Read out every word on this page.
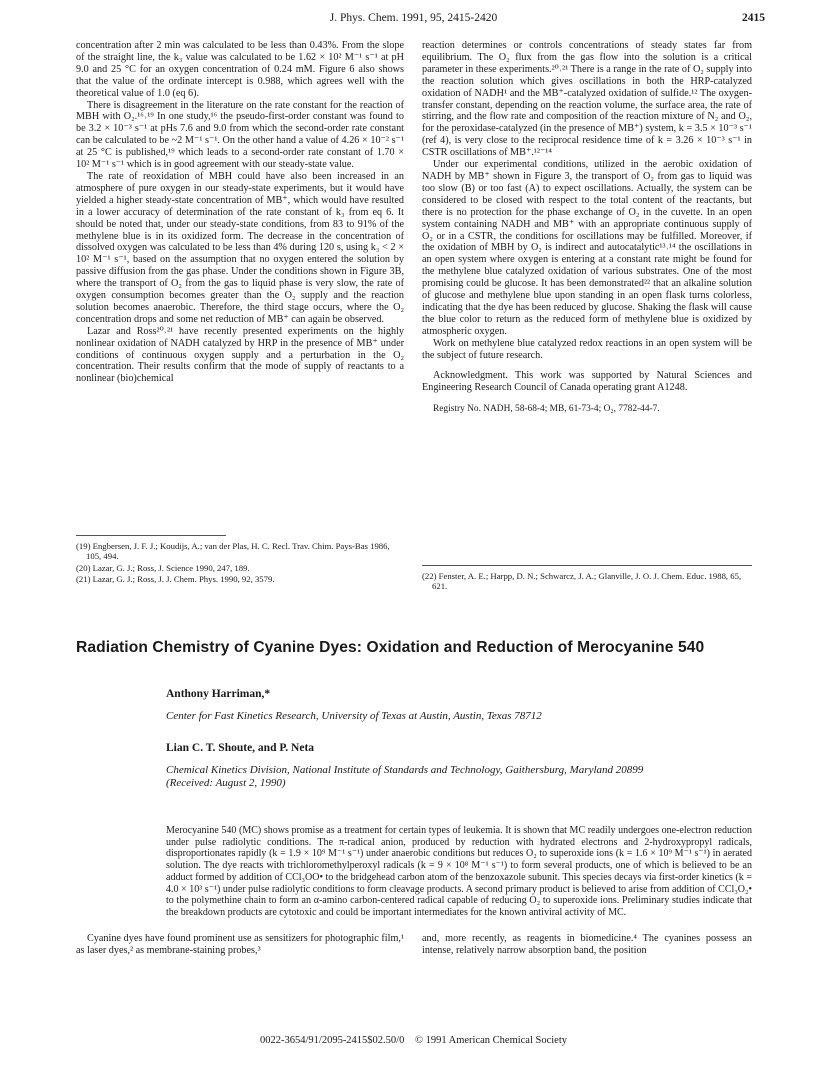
J. Phys. Chem. 1991, 95, 2415-2420	2415

concentration after 2 min was calculated to be less than 0.43%. From the slope of the straight line, the k₃ value was calculated to be 1.62 × 10² M⁻¹ s⁻¹ at pH 9.0 and 25 °C for an oxygen concentration of 0.24 mM. Figure 6 also shows that the value of the ordinate intercept is 0.988, which agrees well with the theoretical value of 1.0 (eq 6).

There is disagreement in the literature on the rate constant for the reaction of MBH with O₂.¹⁶˒¹⁹ In one study,¹⁶ the pseudo-first-order constant was found to be 3.2 × 10⁻³ s⁻¹ at pHs 7.6 and 9.0 from which the second-order rate constant can be calculated to be ~2 M⁻¹ s⁻¹. On the other hand a value of 4.26 × 10⁻² s⁻¹ at 25 °C is published,¹⁹ which leads to a second-order rate constant of 1.70 × 10² M⁻¹ s⁻¹ which is in good agreement with our steady-state value.

The rate of reoxidation of MBH could have also been increased in an atmosphere of pure oxygen in our steady-state experiments, but it would have yielded a higher steady-state concentration of MB⁺, which would have resulted in a lower accuracy of determination of the rate constant of k₃ from eq 6. It should be noted that, under our steady-state conditions, from 83 to 91% of the methylene blue is in its oxidized form. The decrease in the concentration of dissolved oxygen was calculated to be less than 4% during 120 s, using k₃ < 2 × 10² M⁻¹ s⁻¹, based on the assumption that no oxygen entered the solution by passive diffusion from the gas phase. Under the conditions shown in Figure 3B, where the transport of O₂ from the gas to liquid phase is very slow, the rate of oxygen consumption becomes greater than the O₂ supply and the reaction solution becomes anaerobic. Therefore, the third stage occurs, where the O₂ concentration drops and some net reduction of MB⁺ can again be observed.

Lazar and Ross²⁰˒²¹ have recently presented experiments on the highly nonlinear oxidation of NADH catalyzed by HRP in the presence of MB⁺ under conditions of continuous oxygen supply and a perturbation in the O₂ concentration. Their results confirm that the mode of supply of reactants to a nonlinear (bio)chemical

reaction determines or controls concentrations of steady states far from equilibrium. The O₂ flux from the gas flow into the solution is a critical parameter in these experiments.²⁰˒²¹ There is a range in the rate of O₂ supply into the reaction solution which gives oscillations in both the HRP-catalyzed oxidation of NADH¹ and the MB⁺-catalyzed oxidation of sulfide.¹² The oxygen-transfer constant, depending on the reaction volume, the surface area, the rate of stirring, and the flow rate and composition of the reaction mixture of N₂ and O₂, for the peroxidase-catalyzed (in the presence of MB⁺) system, k = 3.5 × 10⁻³ s⁻¹ (ref 4), is very close to the reciprocal residence time of k = 3.26 × 10⁻³ s⁻¹ in CSTR oscillations of MB⁺.¹²⁻¹⁴

Under our experimental conditions, utilized in the aerobic oxidation of NADH by MB⁺ shown in Figure 3, the transport of O₂ from gas to liquid was too slow (B) or too fast (A) to expect oscillations. Actually, the system can be considered to be closed with respect to the total content of the reactants, but there is no protection for the phase exchange of O₂ in the cuvette. In an open system containing NADH and MB⁺ with an appropriate continuous supply of O₂ or in a CSTR, the conditions for oscillations may be fulfilled. Moreover, if the oxidation of MBH by O₂ is indirect and autocatalytic¹³˒¹⁴ the oscillations in an open system where oxygen is entering at a constant rate might be found for the methylene blue catalyzed oxidation of various substrates. One of the most promising could be glucose. It has been demonstrated²² that an alkaline solution of glucose and methylene blue upon standing in an open flask turns colorless, indicating that the dye has been reduced by glucose. Shaking the flask will cause the blue color to return as the reduced form of methylene blue is oxidized by atmospheric oxygen.

Work on methylene blue catalyzed redox reactions in an open system will be the subject of future research.

Acknowledgment. This work was supported by Natural Sciences and Engineering Research Council of Canada operating grant A1248.

Registry No. NADH, 58-68-4; MB, 61-73-4; O₂, 7782-44-7.

(19) Engbersen, J. F. J.; Koudijs, A.; van der Plas, H. C. Recl. Trav. Chim. Pays-Bas 1986, 105, 494.

(20) Lazar, G. J.; Ross, J. Science 1990, 247, 189.

(21) Lazar, G. J.; Ross, J. J. Chem. Phys. 1990, 92, 3579.	(22) Fenster, A. E.; Harpp, D. N.; Schwarcz, J. A.; Glanville, J. O. J. Chem. Educ. 1988, 65, 621.

Radiation Chemistry of Cyanine Dyes: Oxidation and Reduction of Merocyanine 540
Anthony Harriman,*
Center for Fast Kinetics Research, University of Texas at Austin, Austin, Texas 78712
Lian C. T. Shoute, and P. Neta
Chemical Kinetics Division, National Institute of Standards and Technology, Gaithersburg, Maryland 20899
(Received: August 2, 1990)

Merocyanine 540 (MC) shows promise as a treatment for certain types of leukemia. It is shown that MC readily undergoes one-electron reduction under pulse radiolytic conditions. The π-radical anion, produced by reduction with hydrated electrons and 2-hydroxypropyl radicals, disproportionates rapidly (k = 1.9 × 10⁹ M⁻¹ s⁻¹) under anaerobic conditions but reduces O₂ to superoxide ions (k = 1.6 × 10⁹ M⁻¹ s⁻¹) in aerated solution. The dye reacts with trichloromethylperoxyl radicals (k = 9 × 10⁸ M⁻¹ s⁻¹) to form several products, one of which is believed to be an adduct formed by addition of CCl₃OO• to the bridgehead carbon atom of the benzoxazole subunit. This species decays via first-order kinetics (k = 4.0 × 10³ s⁻¹) under pulse radiolytic conditions to form cleavage products. A second primary product is believed to arise from addition of CCl₃O₂• to the polymethine chain to form an α-amino carbon-centered radical capable of reducing O₂ to superoxide ions. Preliminary studies indicate that the breakdown products are cytotoxic and could be important intermediates for the known antiviral activity of MC.

Cyanine dyes have found prominent use as sensitizers for photographic film,¹ as laser dyes,² as membrane-staining probes,³

and, more recently, as reagents in biomedicine.⁴ The cyanines possess an intense, relatively narrow absorption band, the position

0022-3654/91/2095-2415$02.50/0 © 1991 American Chemical Society
